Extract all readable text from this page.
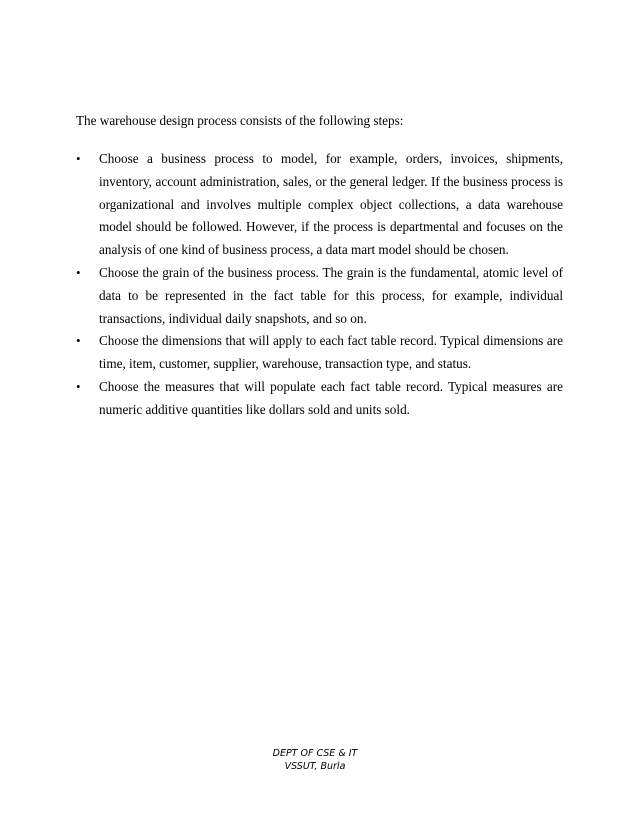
The warehouse design process consists of the following steps:

•	Choose a business process to model, for example, orders, invoices, shipments, inventory, account administration, sales, or the general ledger. If the business process is organizational and involves multiple complex object collections, a data warehouse model should be followed. However, if the process is departmental and focuses on the analysis of one kind of business process, a data mart model should be chosen.
•	Choose the grain of the business process. The grain is the fundamental, atomic level of data to be represented in the fact table for this process, for example, individual transactions, individual daily snapshots, and so on.
•	Choose the dimensions that will apply to each fact table record. Typical dimensions are time, item, customer, supplier, warehouse, transaction type, and status.
•	Choose the measures that will populate each fact table record. Typical measures are numeric additive quantities like dollars sold and units sold.
DEPT OF CSE & IT
VSSUT, Burla
